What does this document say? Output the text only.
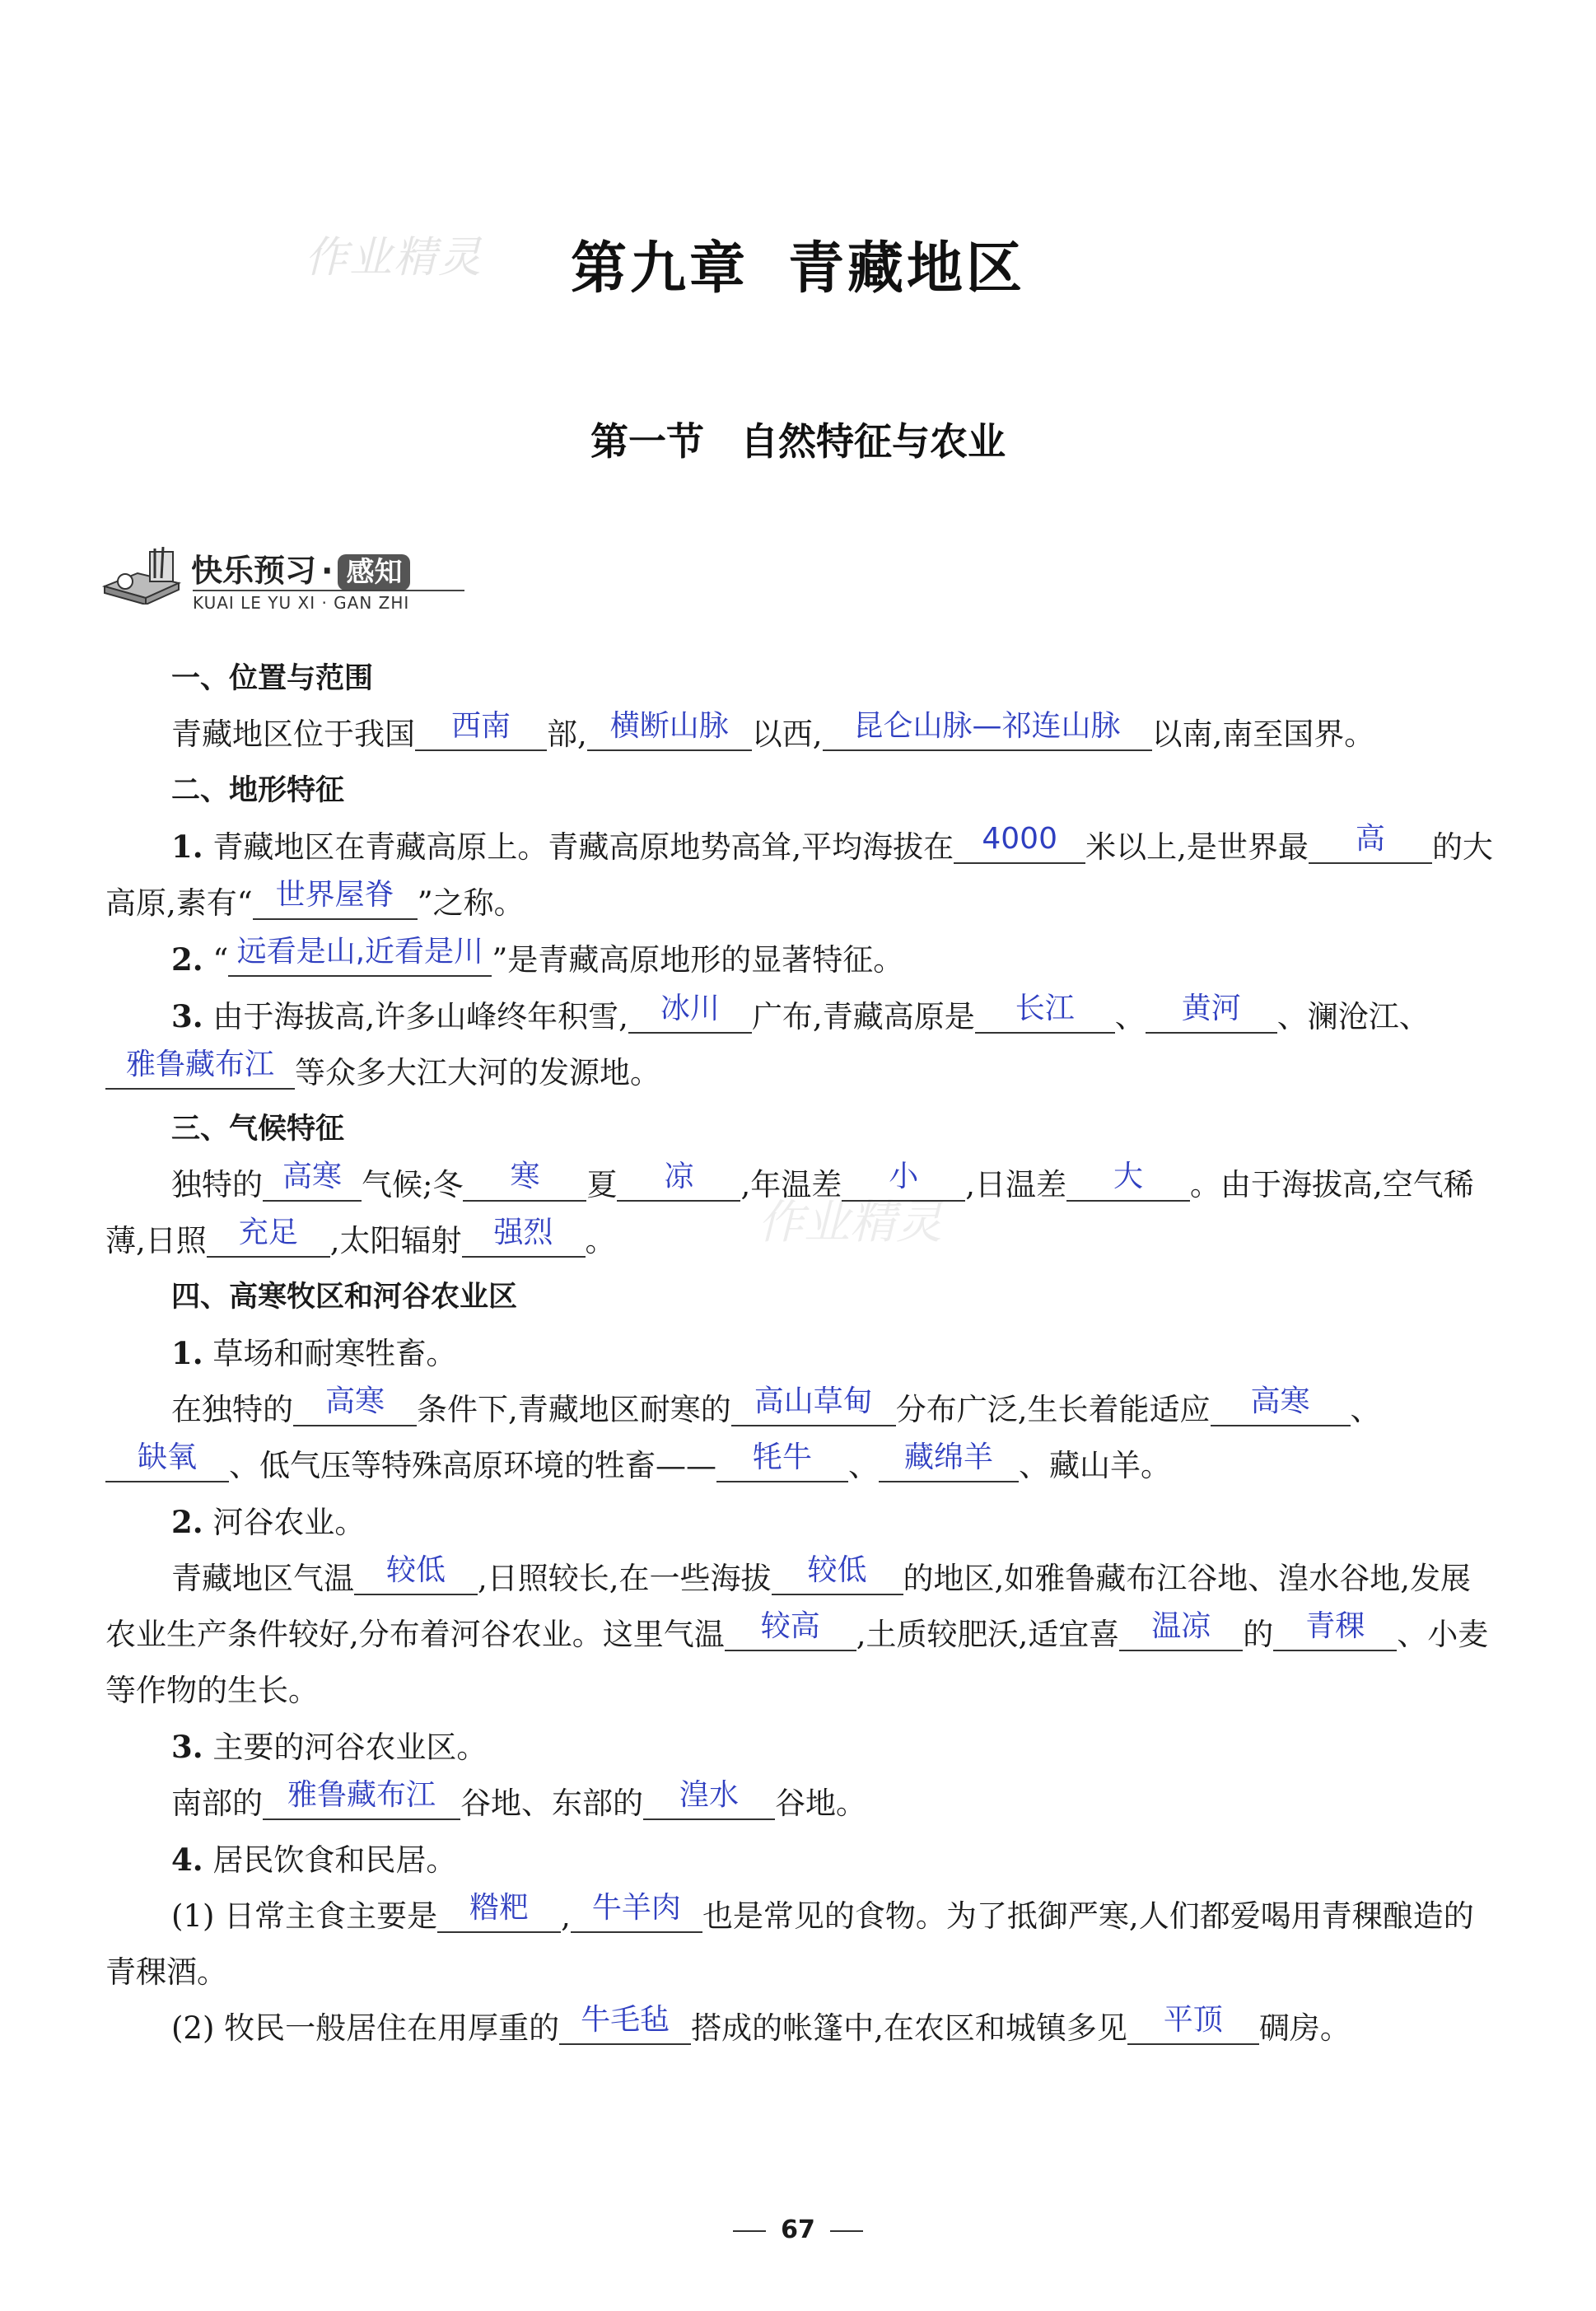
作业精灵
作业精灵
第九章 青藏地区
第一节 自然特征与农业
快乐预习 · 感知
KUAI LE YU XI · GAN ZHI
一、位置与范围
青藏地区位于我国	西南	部, 横断山脉 以西,	昆仑山脉—祁连山脉	以南,南至国界。
二、地形特征
1. 青藏地区在青藏高原上。青藏高原地势高耸,平均海拔在 4000 米以上,是世界最	高	的大高原,素有“ 世界屋脊 ”之称。
2. “ 远看是山,近看是川 ”是青藏高原地形的显著特征。
3. 由于海拔高,许多山峰终年积雪,	冰川	广布,青藏高原是	长江	、	黄河	、澜沧江、
雅鲁藏布江 等众多大江大河的发源地。
三、气候特征
独特的 高寒 气候;冬	寒	夏	凉	,年温差	小	,日温差	大	。由于海拔高,空气稀薄,日照	充足	,太阳辐射	强烈	。
四、高寒牧区和河谷农业区
1. 草场和耐寒牲畜。
在独特的	高寒	条件下,青藏地区耐寒的 高山草甸 分布广泛,生长着能适应	高寒	、
缺氧	、低气压等特殊高原环境的牲畜——	牦牛	、 藏绵羊 、藏山羊。
2. 河谷农业。
青藏地区气温	较低	,日照较长,在一些海拔	较低	的地区,如雅鲁藏布江谷地、湟水谷地,发展农业生产条件较好,分布着河谷农业。这里气温	较高	,土质较肥沃,适宜喜	温凉	的	青稞	、小麦等作物的生长。
3. 主要的河谷农业区。
南部的 雅鲁藏布江 谷地、东部的	湟水	谷地。
4. 居民饮食和民居。
(1) 日常主食主要是	糌粑	, 牛羊肉 也是常见的食物。为了抵御严寒,人们都爱喝用青稞酿造的青稞酒。
(2) 牧民一般居住在用厚重的 牛毛毡 搭成的帐篷中,在农区和城镇多见	平顶	碉房。
67
